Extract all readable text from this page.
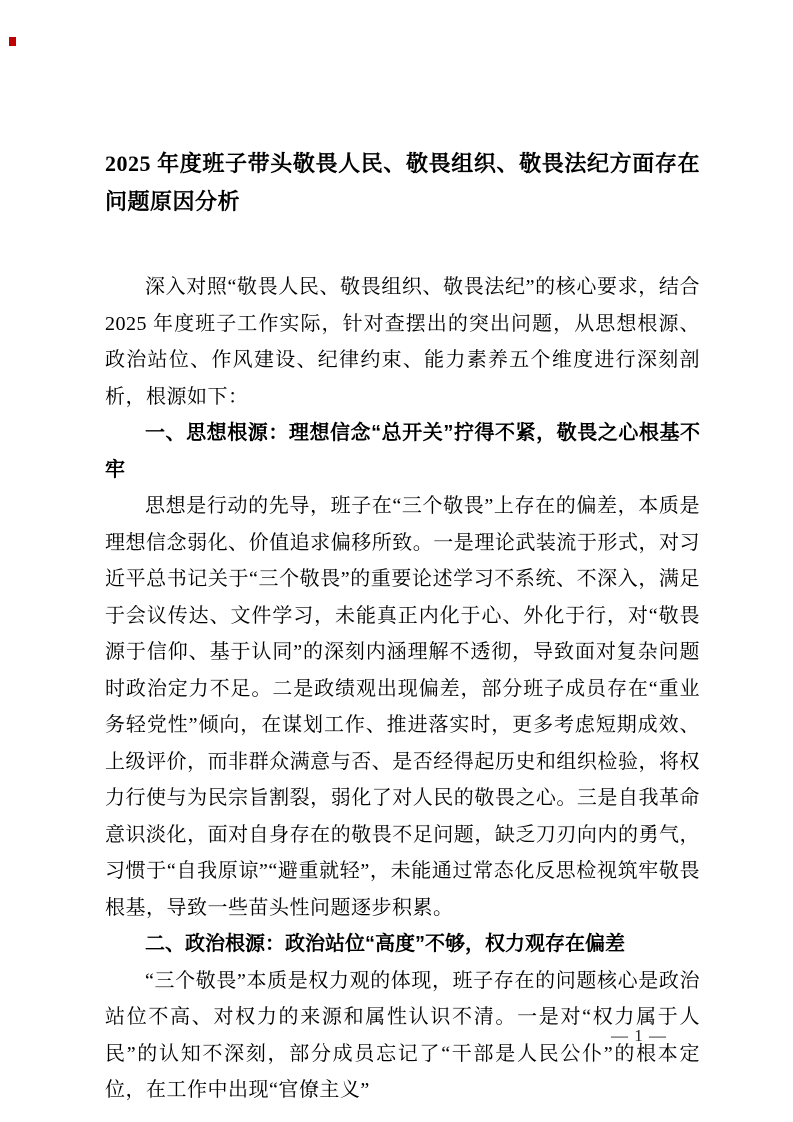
2025 年度班子带头敬畏人民、敬畏组织、敬畏法纪方面存在问题原因分析

深入对照“敬畏人民、敬畏组织、敬畏法纪”的核心要求，结合 2025 年度班子工作实际，针对查摆出的突出问题，从思想根源、政治站位、作风建设、纪律约束、能力素养五个维度进行深刻剖析，根源如下：

一、思想根源：理想信念“总开关”拧得不紧，敬畏之心根基不牢

思想是行动的先导，班子在“三个敬畏”上存在的偏差，本质是理想信念弱化、价值追求偏移所致。一是理论武装流于形式，对习近平总书记关于“三个敬畏”的重要论述学习不系统、不深入，满足于会议传达、文件学习，未能真正内化于心、外化于行，对“敬畏源于信仰、基于认同”的深刻内涵理解不透彻，导致面对复杂问题时政治定力不足。二是政绩观出现偏差，部分班子成员存在“重业务轻党性”倾向，在谋划工作、推进落实时，更多考虑短期成效、上级评价，而非群众满意与否、是否经得起历史和组织检验，将权力行使与为民宗旨割裂，弱化了对人民的敬畏之心。三是自我革命意识淡化，面对自身存在的敬畏不足问题，缺乏刀刃向内的勇气，习惯于“自我原谅”“避重就轻”，未能通过常态化反思检视筑牢敬畏根基，导致一些苗头性问题逐步积累。

二、政治根源：政治站位“高度”不够，权力观存在偏差

“三个敬畏”本质是权力观的体现，班子存在的问题核心是政治站位不高、对权力的来源和属性认识不清。一是对“权力属于人民”的认知不深刻，部分成员忘记了“干部是人民公仆”的根本定位，在工作中出现“官僚主义”

— 1 —
